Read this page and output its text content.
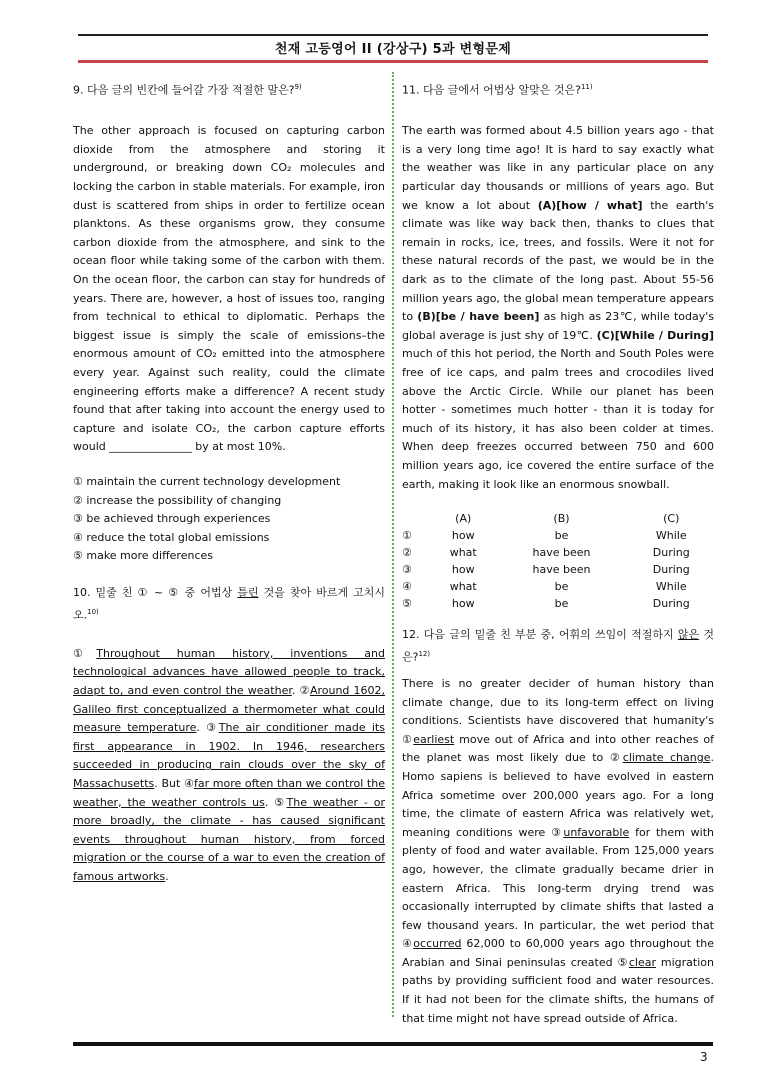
천재 고등영어 II (강상구) 5과 변형문제
9. 다음 글의 빈칸에 들어갈 가장 적절한 말은?$^{9)}$
The other approach is focused on capturing carbon dioxide from the atmosphere and storing it underground, or breaking down CO₂ molecules and locking the carbon in stable materials. For example, iron dust is scattered from ships in order to fertilize ocean planktons. As these organisms grow, they consume carbon dioxide from the atmosphere, and sink to the ocean floor while taking some of the carbon with them. On the ocean floor, the carbon can stay for hundreds of years. There are, however, a host of issues too, ranging from technical to ethical to diplomatic. Perhaps the biggest issue is simply the scale of emissions–the enormous amount of CO₂ emitted into the atmosphere every year. Against such reality, could the climate engineering efforts make a difference? A recent study found that after taking into account the energy used to capture and isolate CO₂, the carbon capture efforts would _______________ by at most 10%.
① maintain the current technology development
② increase the possibility of changing
③ be achieved through experiences
④ reduce the total global emissions
⑤ make more differences
10. 밑줄 친 ① ~ ⑤ 중 어법상 틀린 것을 찾아 바르게 고치시오.$^{10)}$
①Throughout human history, inventions and technological advances have allowed people to track, adapt to, and even control the weather. ②Around 1602, Galileo first conceptualized a thermometer what could measure temperature. ③The air conditioner made its first appearance in 1902. In 1946, researchers succeeded in producing rain clouds over the sky of Massachusetts. But ④far more often than we control the weather, the weather controls us. ⑤The weather - or more broadly, the climate - has caused significant events throughout human history, from forced migration or the course of a war to even the creation of famous artworks.
11. 다음 글에서 어법상 알맞은 것은?$^{11)}$
The earth was formed about 4.5 billion years ago - that is a very long time ago! It is hard to say exactly what the weather was like in any particular place on any particular day thousands or millions of years ago. But we know a lot about (A)[how / what] the earth's climate was like way back then, thanks to clues that remain in rocks, ice, trees, and fossils. Were it not for these natural records of the past, we would be in the dark as to the climate of the long past. About 55-56 million years ago, the global mean temperature appears to (B)[be / have been] as high as 23℃, while today's global average is just shy of 19℃. (C)[While / During] much of this hot period, the North and South Poles were free of ice caps, and palm trees and crocodiles lived above the Arctic Circle. While our planet has been hotter - sometimes much hotter - than it is today for much of its history, it has also been colder at times. When deep freezes occurred between 750 and 600 million years ago, ice covered the entire surface of the earth, making it look like an enormous snowball.
	(A)	(B)	(C)
①	how	be	While
②	what	have been	During
③	how	have been	During
④	what	be	While
⑤	how	be	During
12. 다음 글의 밑줄 친 부분 중, 어휘의 쓰임이 적절하지 않은 것은?$^{12)}$
There is no greater decider of human history than climate change, due to its long-term effect on living conditions. Scientists have discovered that humanity's ①earliest move out of Africa and into other reaches of the planet was most likely due to ②climate change. Homo sapiens is believed to have evolved in eastern Africa sometime over 200,000 years ago. For a long time, the climate of eastern Africa was relatively wet, meaning conditions were ③unfavorable for them with plenty of food and water available. From 125,000 years ago, however, the climate gradually became drier in eastern Africa. This long-term drying trend was occasionally interrupted by climate shifts that lasted a few thousand years. In particular, the wet period that ④occurred 62,000 to 60,000 years ago throughout the Arabian and Sinai peninsulas created ⑤clear migration paths by providing sufficient food and water resources. If it had not been for the climate shifts, the humans of that time might not have spread outside of Africa.
3
